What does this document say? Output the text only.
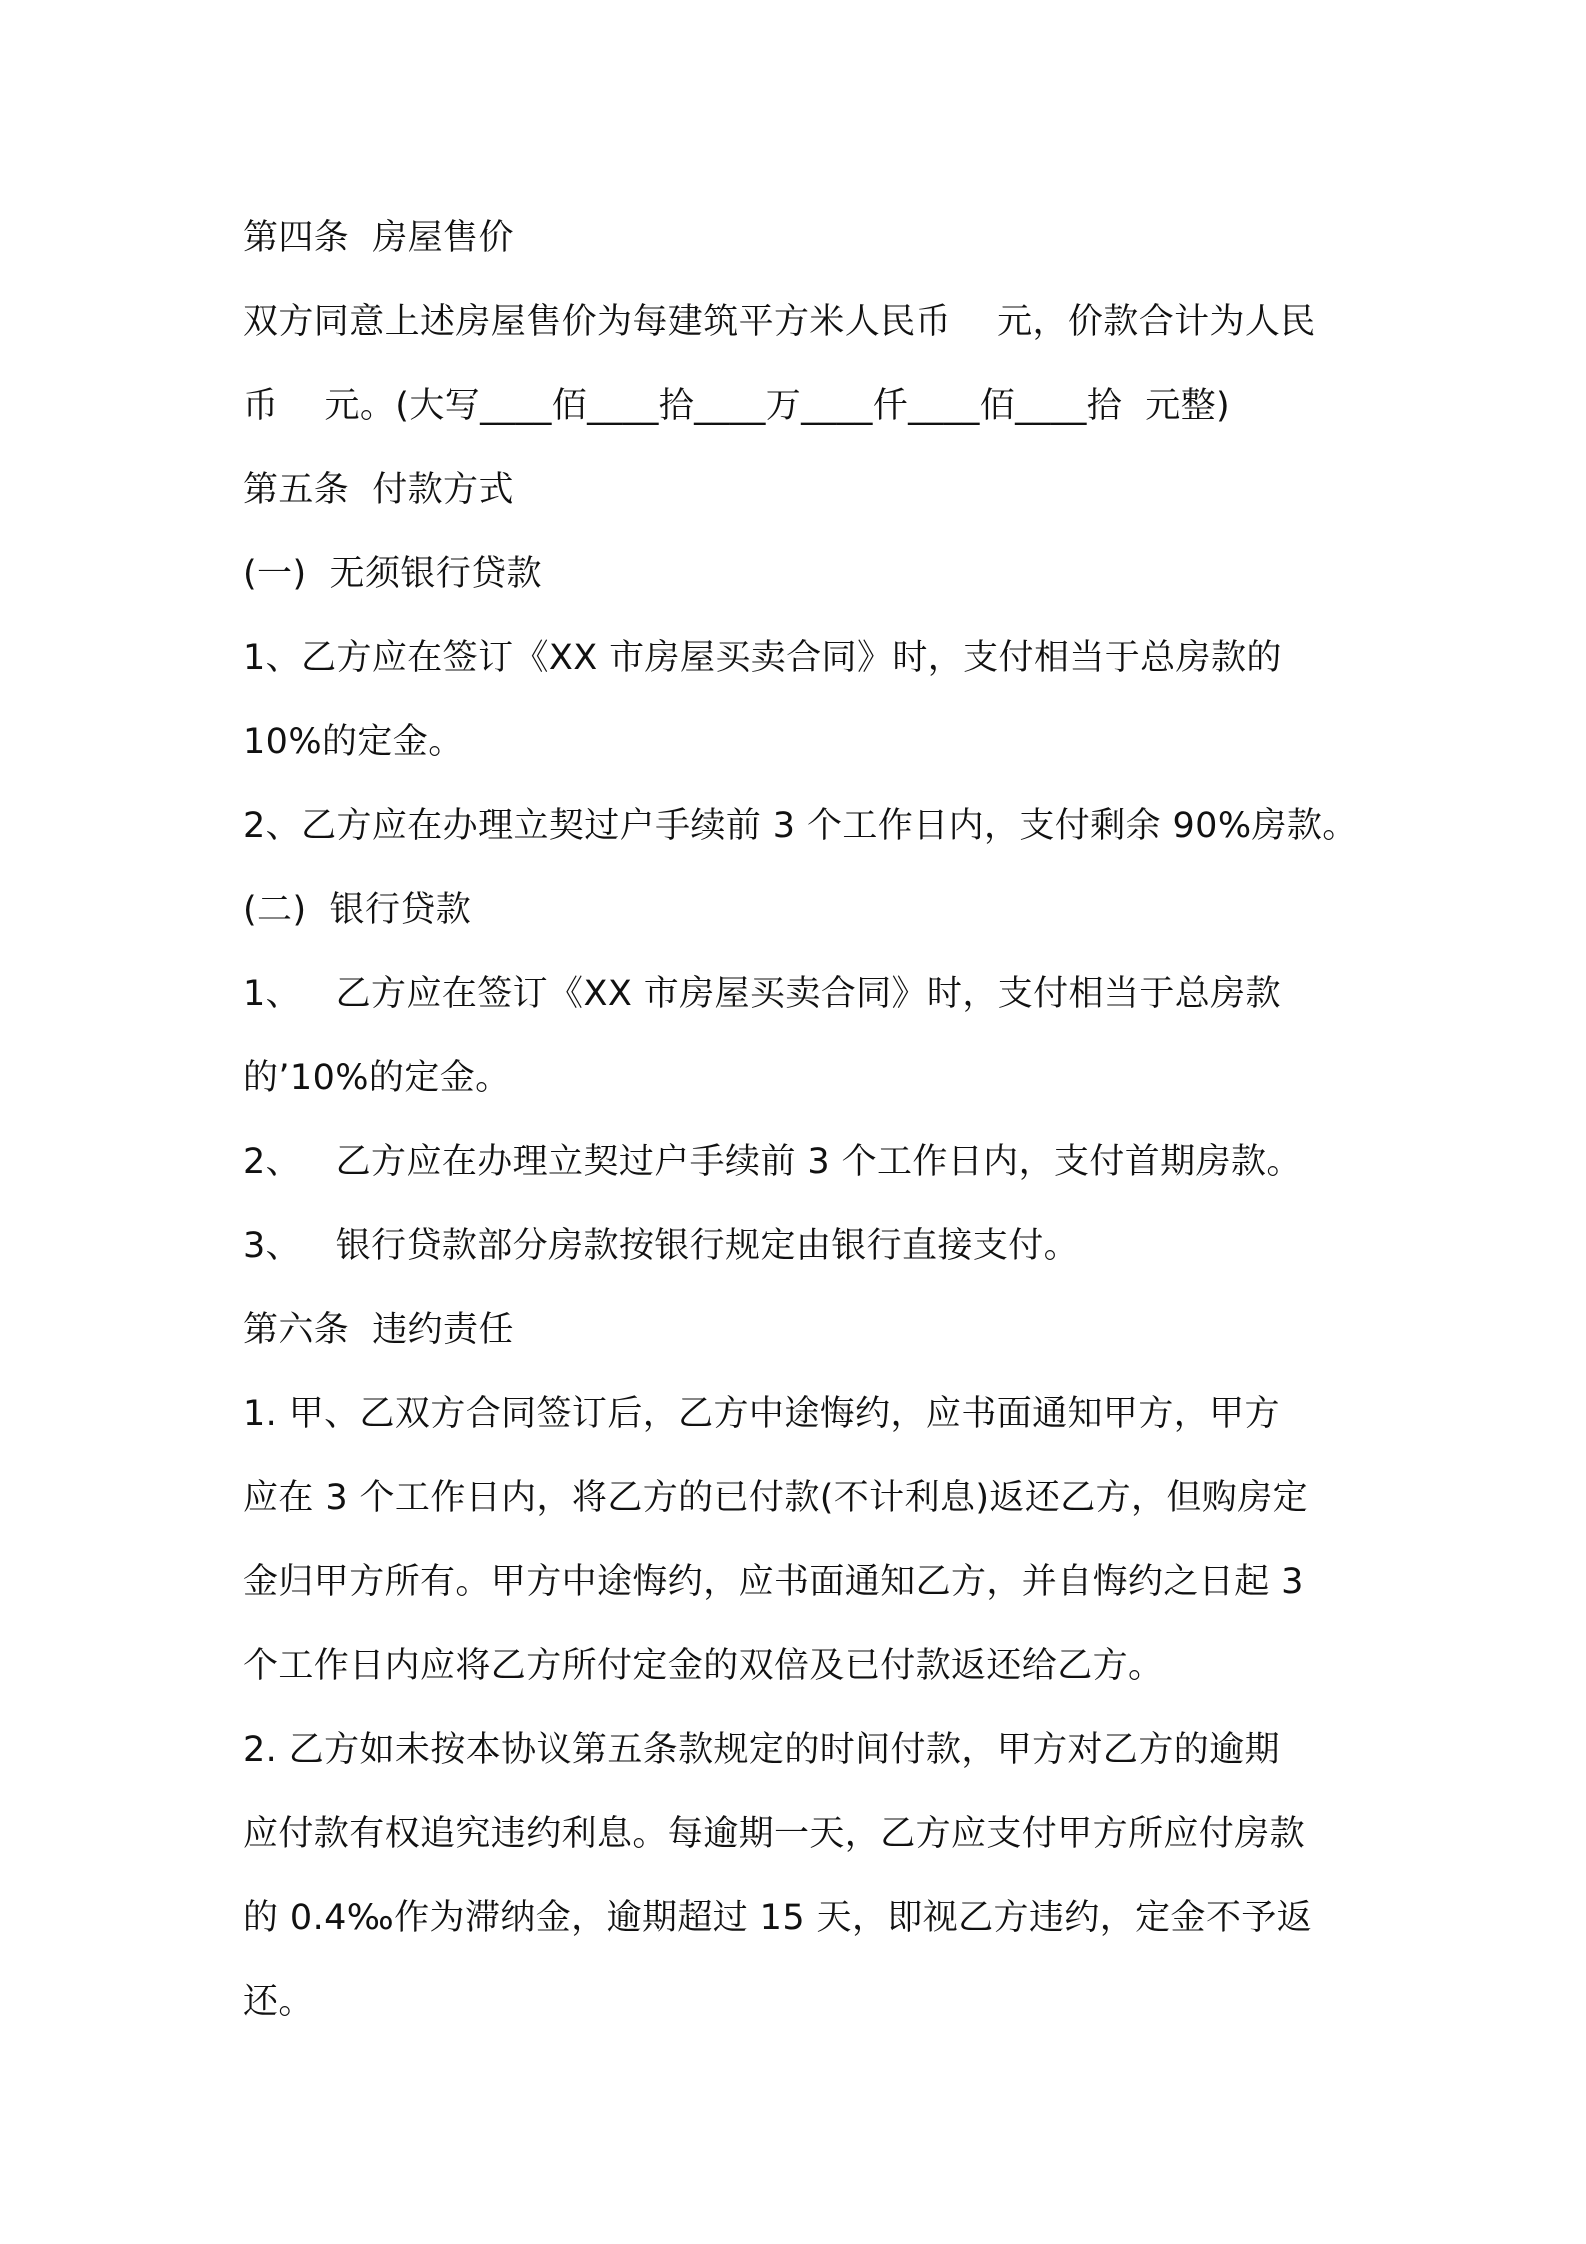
第四条  房屋售价
双方同意上述房屋售价为每建筑平方米人民币    元，价款合计为人民
币    元。(大写____佰____拾____万____仟____佰____拾  元整)
第五条  付款方式
(一)  无须银行贷款
1、乙方应在签订《XX 市房屋买卖合同》时，支付相当于总房款的
10%的定金。
2、乙方应在办理立契过户手续前 3 个工作日内，支付剩余 90%房款。
(二)  银行贷款
1、   乙方应在签订《XX 市房屋买卖合同》时，支付相当于总房款
的’10%的定金。
2、   乙方应在办理立契过户手续前 3 个工作日内，支付首期房款。
3、   银行贷款部分房款按银行规定由银行直接支付。
第六条  违约责任
1. 甲、乙双方合同签订后，乙方中途悔约，应书面通知甲方，甲方
应在 3 个工作日内，将乙方的已付款(不计利息)返还乙方，但购房定
金归甲方所有。甲方中途悔约，应书面通知乙方，并自悔约之日起 3
个工作日内应将乙方所付定金的双倍及已付款返还给乙方。
2. 乙方如未按本协议第五条款规定的时间付款，甲方对乙方的逾期
应付款有权追究违约利息。每逾期一天，乙方应支付甲方所应付房款
的 0.4‰作为滞纳金，逾期超过 15 天，即视乙方违约，定金不予返
还。
